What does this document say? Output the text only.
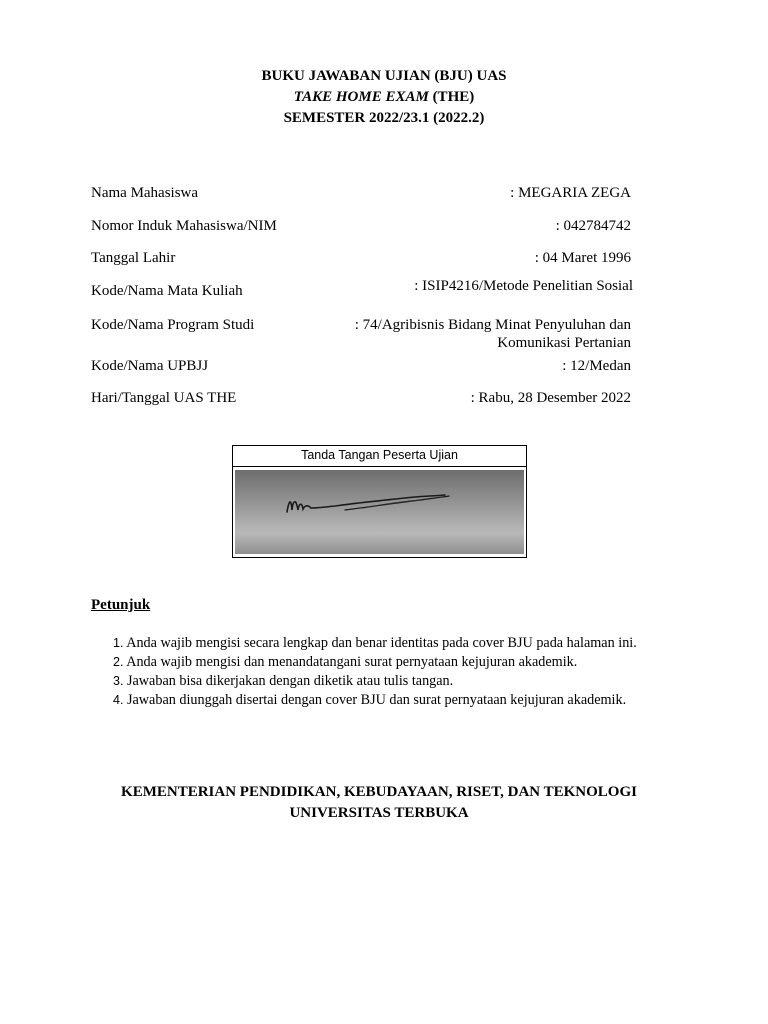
BUKU JAWABAN UJIAN (BJU) UAS
TAKE HOME EXAM (THE)
SEMESTER 2022/23.1 (2022.2)
Nama Mahasiswa	: MEGARIA ZEGA
Nomor Induk Mahasiswa/NIM	: 042784742
Tanggal Lahir	: 04 Maret 1996
Kode/Nama Mata Kuliah	: ISIP4216/Metode Penelitian Sosial
Kode/Nama Program Studi	: 74/Agribisnis Bidang Minat Penyuluhan dan Komunikasi Pertanian
Kode/Nama UPBJJ	: 12/Medan
Hari/Tanggal UAS THE	: Rabu, 28 Desember 2022
Tanda Tangan Peserta Ujian
Petunjuk
1. Anda wajib mengisi secara lengkap dan benar identitas pada cover BJU pada halaman ini.
2. Anda wajib mengisi dan menandatangani surat pernyataan kejujuran akademik.
3. Jawaban bisa dikerjakan dengan diketik atau tulis tangan.
4. Jawaban diunggah disertai dengan cover BJU dan surat pernyataan kejujuran akademik.
KEMENTERIAN PENDIDIKAN, KEBUDAYAAN, RISET, DAN TEKNOLOGI
UNIVERSITAS TERBUKA
